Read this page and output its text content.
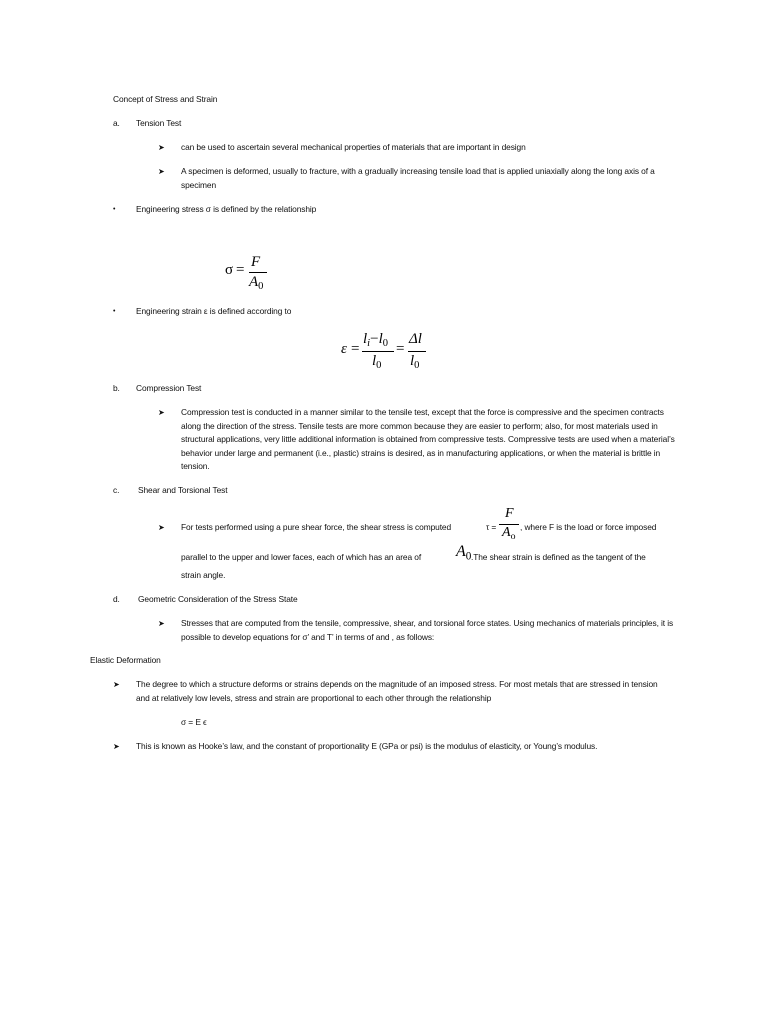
Concept of Stress and Strain
a. Tension Test
➤ can be used to ascertain several mechanical properties of materials that are important in design
➤ A specimen is deformed, usually to fracture, with a gradually increasing tensile load that is applied uniaxially along the long axis of a specimen
• Engineering stress σ is defined by the relationship
σ = F
$A_0$
• Engineering strain ε is defined according to
ε =
$l_i-l_0$
$l_0$
=
Δl
$l_0$
b. Compression Test
➤ Compression test is conducted in a manner similar to the tensile test, except that the force is compressive and the specimen contracts along the direction of the stress. Tensile tests are more common because they are easier to perform; also, for most materials used in structural applications, very little additional information is obtained from compressive tests. Compressive tests are used when a material’s behavior under large and permanent (i.e., plastic) strains is desired, as in manufacturing applications, or when the material is brittle in tension.
c. Shear and Torsional Test
➤ For tests performed using a pure shear force, the shear stress is computed	τ =
F
$A_o$
, where F is the load or force imposed
parallel to the upper and lower faces, each of which has an area of $A_0$ .The shear strain is defined as the tangent of the
strain angle.
d. Geometric Consideration of the Stress State
➤ Stresses that are computed from the tensile, compressive, shear, and torsional force states. Using mechanics of materials principles, it is possible to develop equations for σ’ and T’ in terms of and , as follows:
Elastic Deformation
➤ The degree to which a structure deforms or strains depends on the magnitude of an imposed stress. For most metals that are stressed in tension and at relatively low levels, stress and strain are proportional to each other through the relationship
σ = E ϵ
➤ This is known as Hooke’s law, and the constant of proportionality E (GPa or psi) is the modulus of elasticity, or Young’s modulus.
